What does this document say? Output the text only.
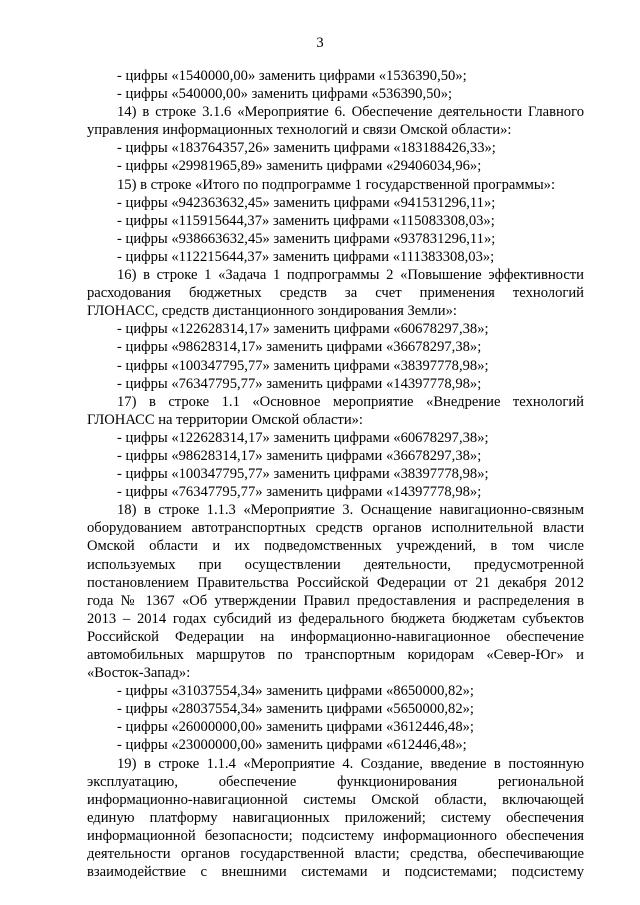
3

- цифры «1540000,00» заменить цифрами «1536390,50»;

- цифры «540000,00» заменить цифрами «536390,50»;

14) в строке 3.1.6 «Мероприятие 6. Обеспечение деятельности Главного

управления информационных технологий и связи Омской области»:

- цифры «183764357,26» заменить цифрами «183188426,33»;

- цифры «29981965,89» заменить цифрами «29406034,96»;

15) в строке «Итого по подпрограмме 1 государственной программы»:

- цифры «942363632,45» заменить цифрами «941531296,11»;

- цифры «115915644,37» заменить цифрами «115083308,03»;

- цифры «938663632,45» заменить цифрами «937831296,11»;

- цифры «112215644,37» заменить цифрами «111383308,03»;

16) в строке 1 «Задача 1 подпрограммы 2 «Повышение эффективности

расходования бюджетных средств за счет применения технологий

ГЛОНАСС, средств дистанционного зондирования Земли»:

- цифры «122628314,17» заменить цифрами «60678297,38»;

- цифры «98628314,17» заменить цифрами «36678297,38»;

- цифры «100347795,77» заменить цифрами «38397778,98»;

- цифры «76347795,77» заменить цифрами «14397778,98»;

17) в строке 1.1 «Основное мероприятие «Внедрение технологий

ГЛОНАСС на территории Омской области»:

- цифры «122628314,17» заменить цифрами «60678297,38»;

- цифры «98628314,17» заменить цифрами «36678297,38»;

- цифры «100347795,77» заменить цифрами «38397778,98»;

- цифры «76347795,77» заменить цифрами «14397778,98»;

18) в строке 1.1.3 «Мероприятие 3. Оснащение навигационно-связным

оборудованием автотранспортных средств органов исполнительной власти

Омской области и их подведомственных учреждений, в том числе

используемых при осуществлении деятельности, предусмотренной

постановлением Правительства Российской Федерации от 21 декабря 2012

года № 1367 «Об утверждении Правил предоставления и распределения в

2013 – 2014 годах субсидий из федерального бюджета бюджетам субъектов

Российской Федерации на информационно-навигационное обеспечение

автомобильных маршрутов по транспортным коридорам «Север-Юг» и

«Восток-Запад»:

- цифры «31037554,34» заменить цифрами «8650000,82»;

- цифры «28037554,34» заменить цифрами «5650000,82»;

- цифры «26000000,00» заменить цифрами «3612446,48»;

- цифры «23000000,00» заменить цифрами «612446,48»;

19) в строке 1.1.4 «Мероприятие 4. Создание, введение в постоянную

эксплуатацию, обеспечение функционирования региональной

информационно-навигационной системы Омской области, включающей

единую платформу навигационных приложений; систему обеспечения

информационной безопасности; подсистему информационного обеспечения

деятельности органов государственной власти; средства, обеспечивающие

взаимодействие с внешними системами и подсистемами; подсистему
